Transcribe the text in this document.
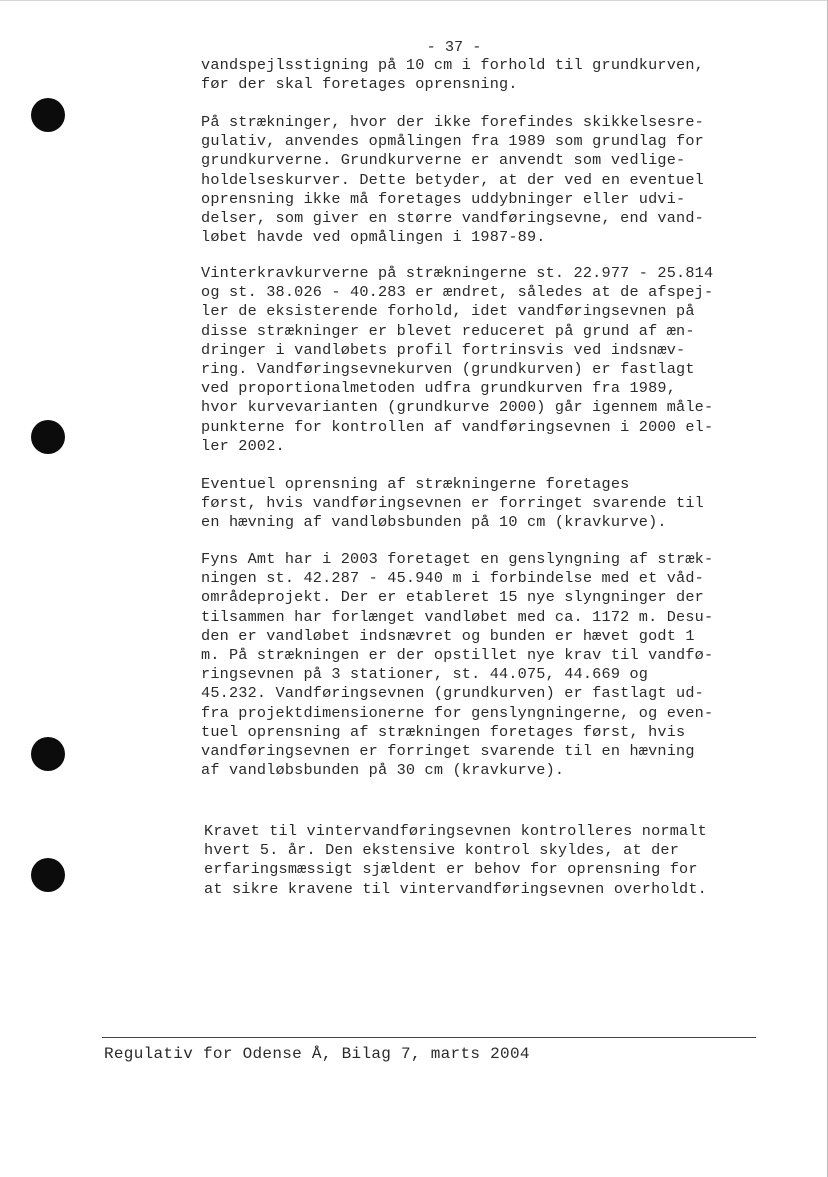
- 37 -

vandspejlsstigning på 10 cm i forhold til grundkurven,
før der skal foretages oprensning.

På strækninger, hvor der ikke forefindes skikkelsesre-
gulativ, anvendes opmålingen fra 1989 som grundlag for
grundkurverne. Grundkurverne er anvendt som vedlige-
holdelseskurver. Dette betyder, at der ved en eventuel
oprensning ikke må foretages uddybninger eller udvi-
delser, som giver en større vandføringsevne, end vand-
løbet havde ved opmålingen i 1987-89.

Vinterkravkurverne på strækningerne st. 22.977 - 25.814
og st. 38.026 - 40.283 er ændret, således at de afspej-
ler de eksisterende forhold, idet vandføringsevnen på
disse strækninger er blevet reduceret på grund af æn-
dringer i vandløbets profil fortrinsvis ved indsnæv-
ring. Vandføringsevnekurven (grundkurven) er fastlagt
ved proportionalmetoden udfra grundkurven fra 1989,
hvor kurvevarianten (grundkurve 2000) går igennem måle-
punkterne for kontrollen af vandføringsevnen i 2000 el-
ler 2002.

Eventuel oprensning af strækningerne foretages
først, hvis vandføringsevnen er forringet svarende til
en hævning af vandløbsbunden på 10 cm (kravkurve).

Fyns Amt har i 2003 foretaget en genslyngning af stræk-
ningen st. 42.287 - 45.940 m i forbindelse med et våd-
områdeprojekt. Der er etableret 15 nye slyngninger der
tilsammen har forlænget vandløbet med ca. 1172 m. Desu-
den er vandløbet indsnævret og bunden er hævet godt 1
m. På strækningen er der opstillet nye krav til vandfø-
ringsevnen på 3 stationer, st. 44.075, 44.669 og
45.232. Vandføringsevnen (grundkurven) er fastlagt ud-
fra projektdimensionerne for genslyngningerne, og even-
tuel oprensning af strækningen foretages først, hvis
vandføringsevnen er forringet svarende til en hævning
af vandløbsbunden på 30 cm (kravkurve).

Kravet til vintervandføringsevnen kontrolleres normalt
hvert 5. år. Den ekstensive kontrol skyldes, at der
erfaringsmæssigt sjældent er behov for oprensning for
at sikre kravene til vintervandføringsevnen overholdt.

Regulativ for Odense Å, Bilag 7, marts 2004
